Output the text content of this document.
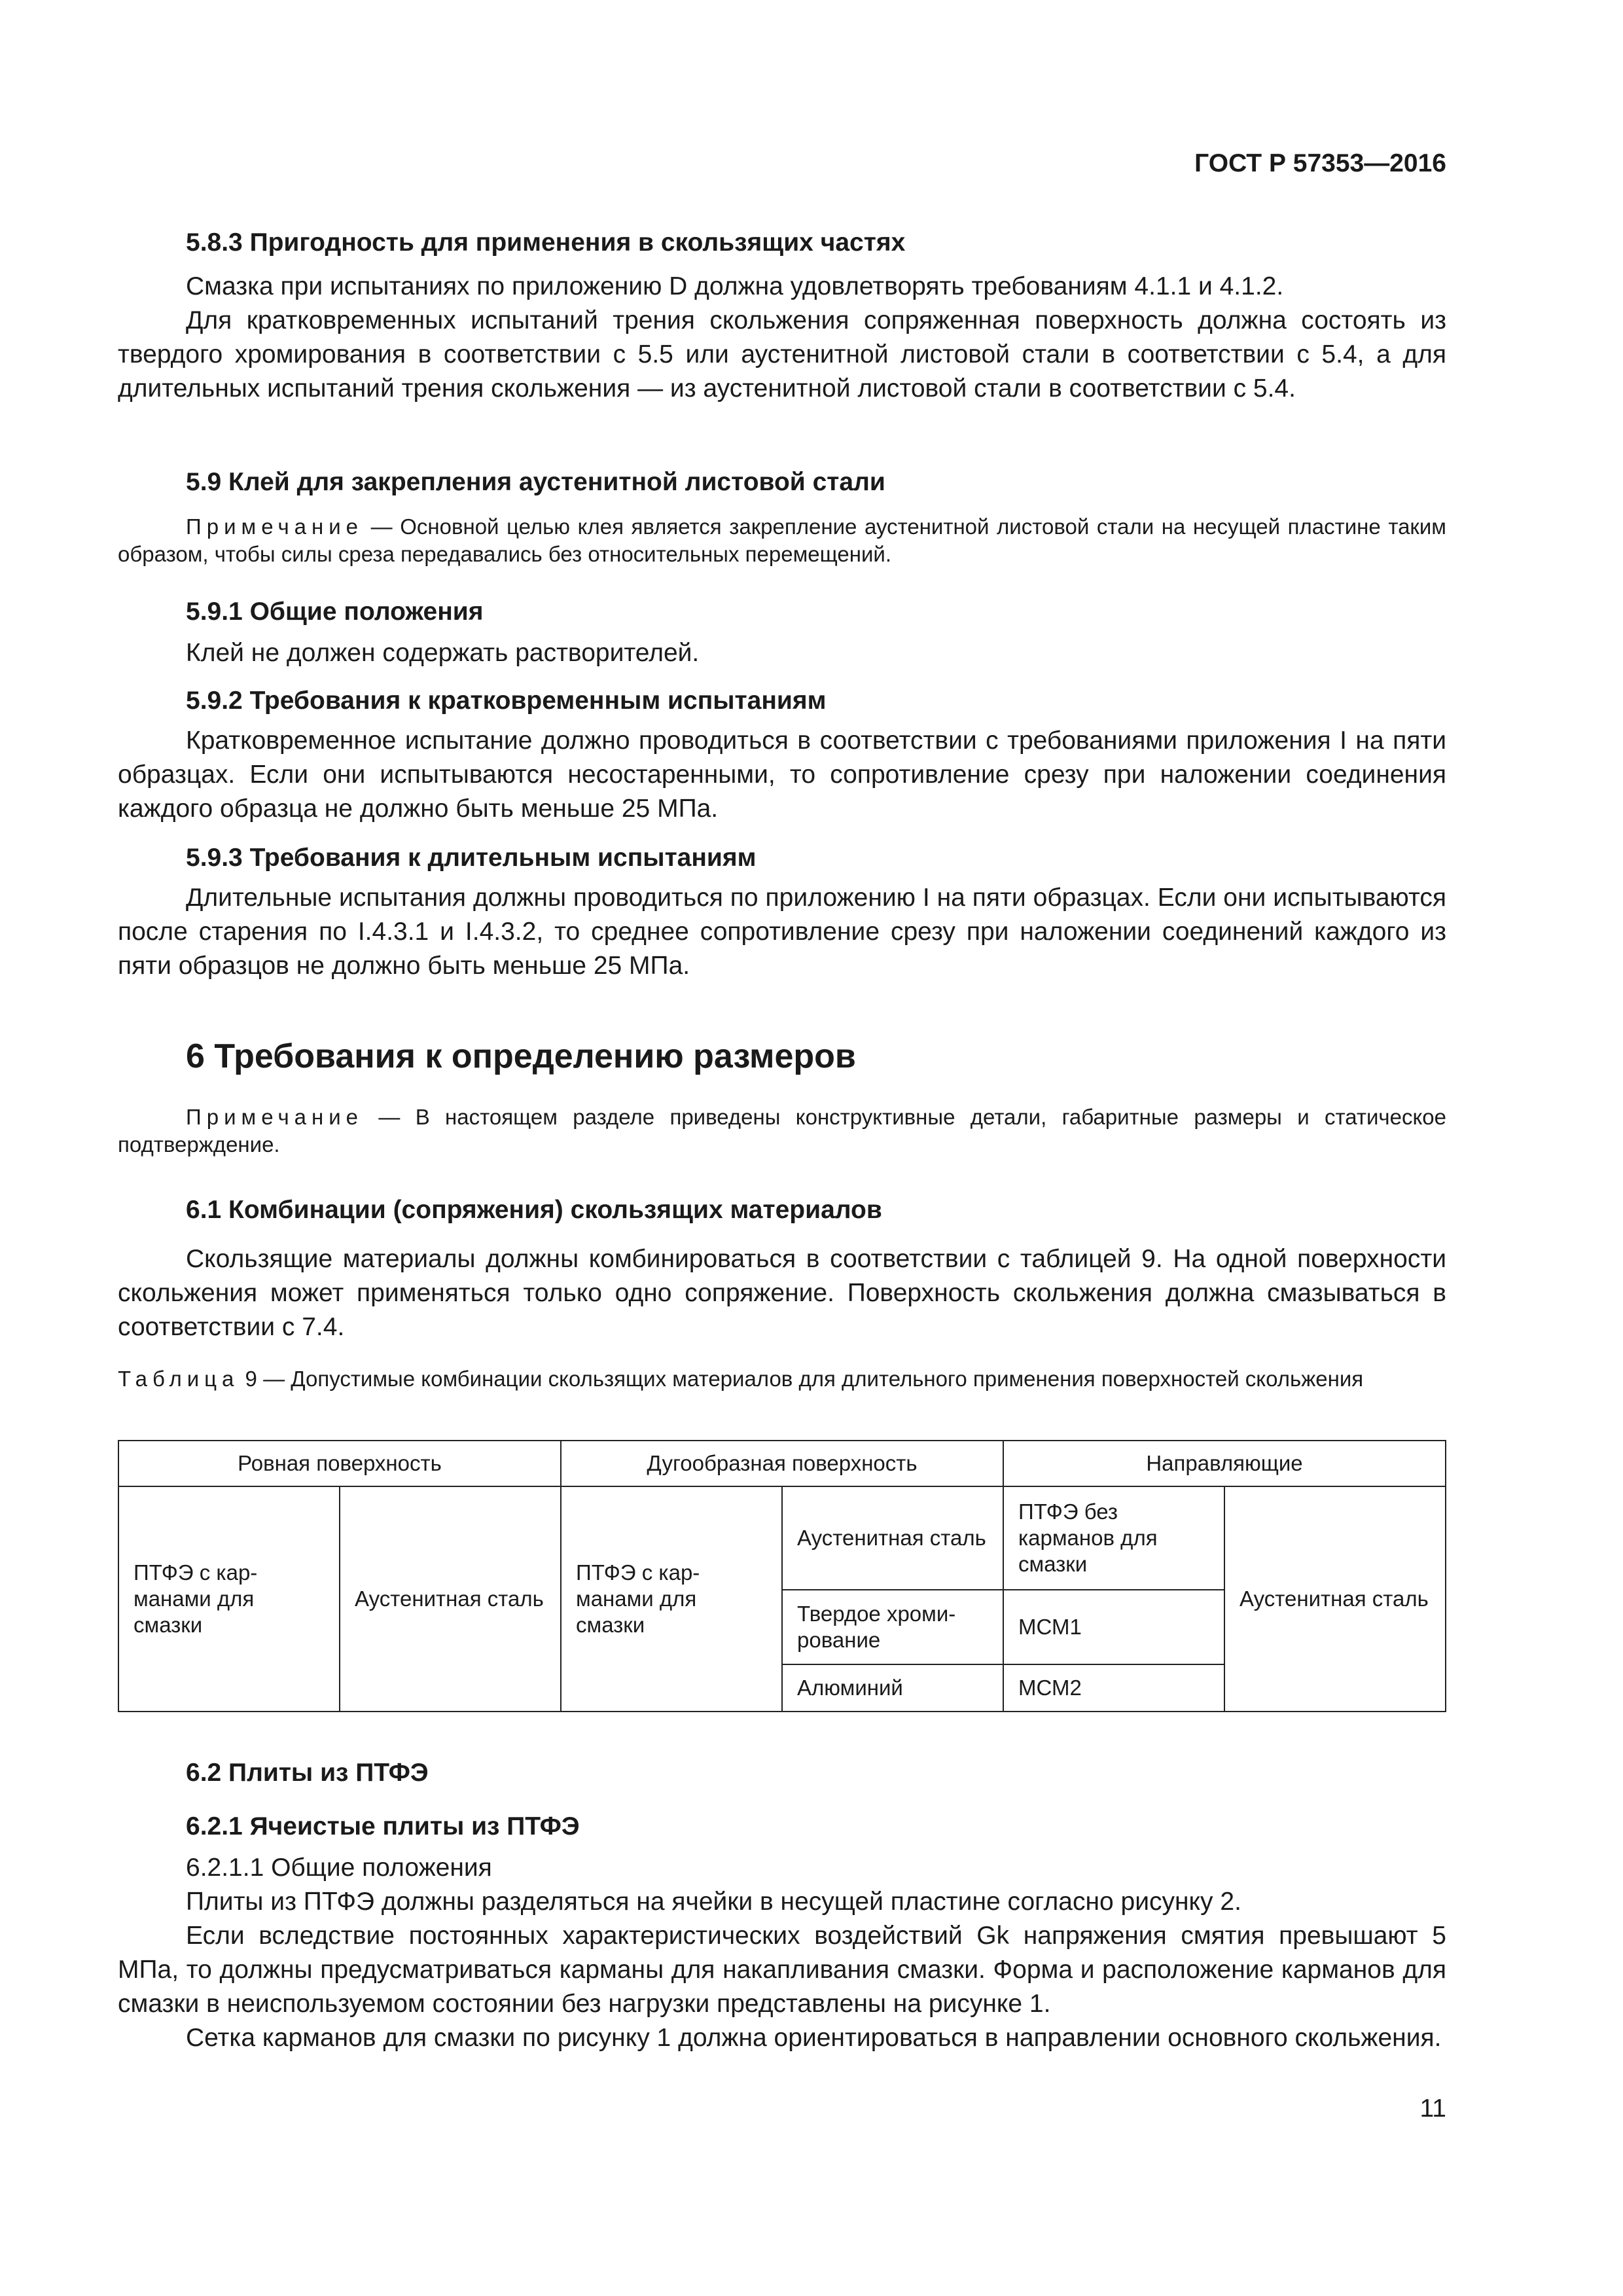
ГОСТ Р 57353—2016
5.8.3 Пригодность для применения в скользящих частях
Смазка при испытаниях по приложению D должна удовлетворять требованиям 4.1.1 и 4.1.2.
Для кратковременных испытаний трения скольжения сопряженная поверхность должна состоять из твердого хромирования в соответствии с 5.5 или аустенитной листовой стали в соответствии с 5.4, а для длительных испытаний трения скольжения — из аустенитной листовой стали в соответствии с 5.4.
5.9 Клей для закрепления аустенитной листовой стали
Примечание — Основной целью клея является закрепление аустенитной листовой стали на несущей пластине таким образом, чтобы силы среза передавались без относительных перемещений.
5.9.1 Общие положения
Клей не должен содержать растворителей.
5.9.2 Требования к кратковременным испытаниям
Кратковременное испытание должно проводиться в соответствии с требованиями приложения I на пяти образцах. Если они испытываются несостаренными, то сопротивление срезу при наложении соединения каждого образца не должно быть меньше 25 МПа.
5.9.3 Требования к длительным испытаниям
Длительные испытания должны проводиться по приложению I на пяти образцах. Если они испытываются после старения по I.4.3.1 и I.4.3.2, то среднее сопротивление срезу при наложении соединений каждого из пяти образцов не должно быть меньше 25 МПа.
6 Требования к определению размеров
Примечание — В настоящем разделе приведены конструктивные детали, габаритные размеры и статическое подтверждение.
6.1 Комбинации (сопряжения) скользящих материалов
Скользящие материалы должны комбинироваться в соответствии с таблицей 9. На одной поверхности скольжения может применяться только одно сопряжение. Поверхность скольжения должна смазываться в соответствии с 7.4.
Таблица 9 — Допустимые комбинации скользящих материалов для длительного применения поверхностей скольжения
Ровная поверхность		Дугообразная поверхность		Направляющие	
ПТФЭ с карманами для смазки	Аустенитная сталь	ПТФЭ с карманами для смазки	Аустенитная сталь	ПТФЭ без карманов для смазки	Аустенитная сталь
			Твердое хромирование	МСМ1	
			Алюминий	МСМ2	
6.2 Плиты из ПТФЭ
6.2.1 Ячеистые плиты из ПТФЭ
6.2.1.1 Общие положения
Плиты из ПТФЭ должны разделяться на ячейки в несущей пластине согласно рисунку 2.
Если вследствие постоянных характеристических воздействий Gk напряжения смятия превышают 5 МПа, то должны предусматриваться карманы для накапливания смазки. Форма и расположение карманов для смазки в неиспользуемом состоянии без нагрузки представлены на рисунке 1.
Сетка карманов для смазки по рисунку 1 должна ориентироваться в направлении основного скольжения.
11
